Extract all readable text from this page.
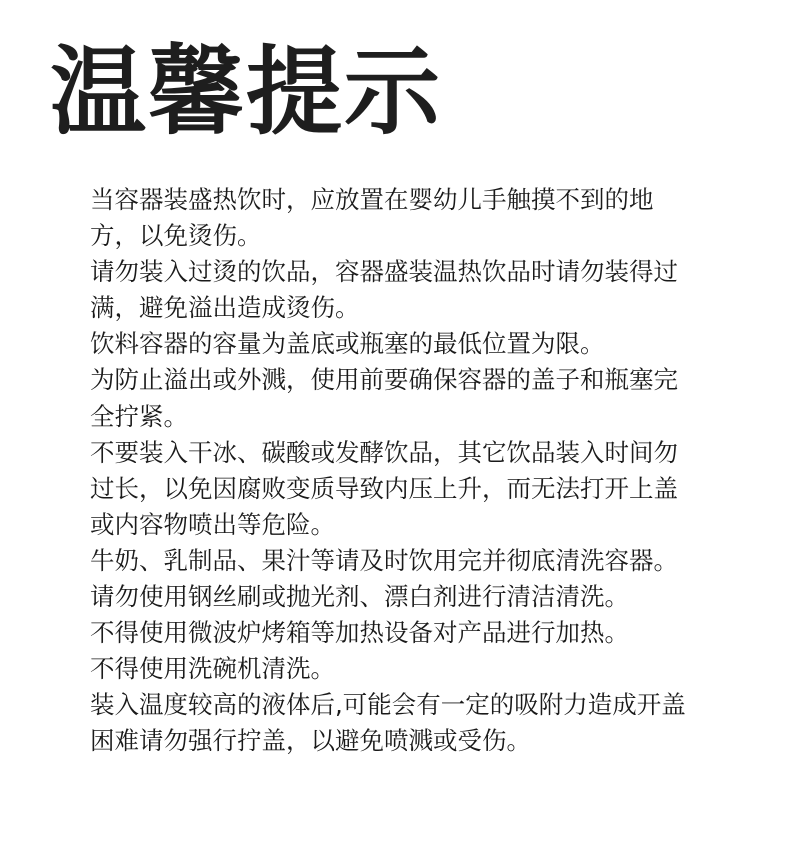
温馨提示
当容器装盛热饮时，应放置在婴幼儿手触摸不到的地
方，以免烫伤。
请勿装入过烫的饮品，容器盛装温热饮品时请勿装得过
满，避免溢出造成烫伤。
饮料容器的容量为盖底或瓶塞的最低位置为限。
为防止溢出或外溅，使用前要确保容器的盖子和瓶塞完
全拧紧。
不要装入干冰、碳酸或发酵饮品，其它饮品装入时间勿
过长，以免因腐败变质导致内压上升，而无法打开上盖
或内容物喷出等危险。
牛奶、乳制品、果汁等请及时饮用完并彻底清洗容器。
请勿使用钢丝刷或抛光剂、漂白剂进行清洁清洗。
不得使用微波炉烤箱等加热设备对产品进行加热。
不得使用洗碗机清洗。
装入温度较高的液体后,可能会有一定的吸附力造成开盖
困难请勿强行拧盖，以避免喷溅或受伤。
